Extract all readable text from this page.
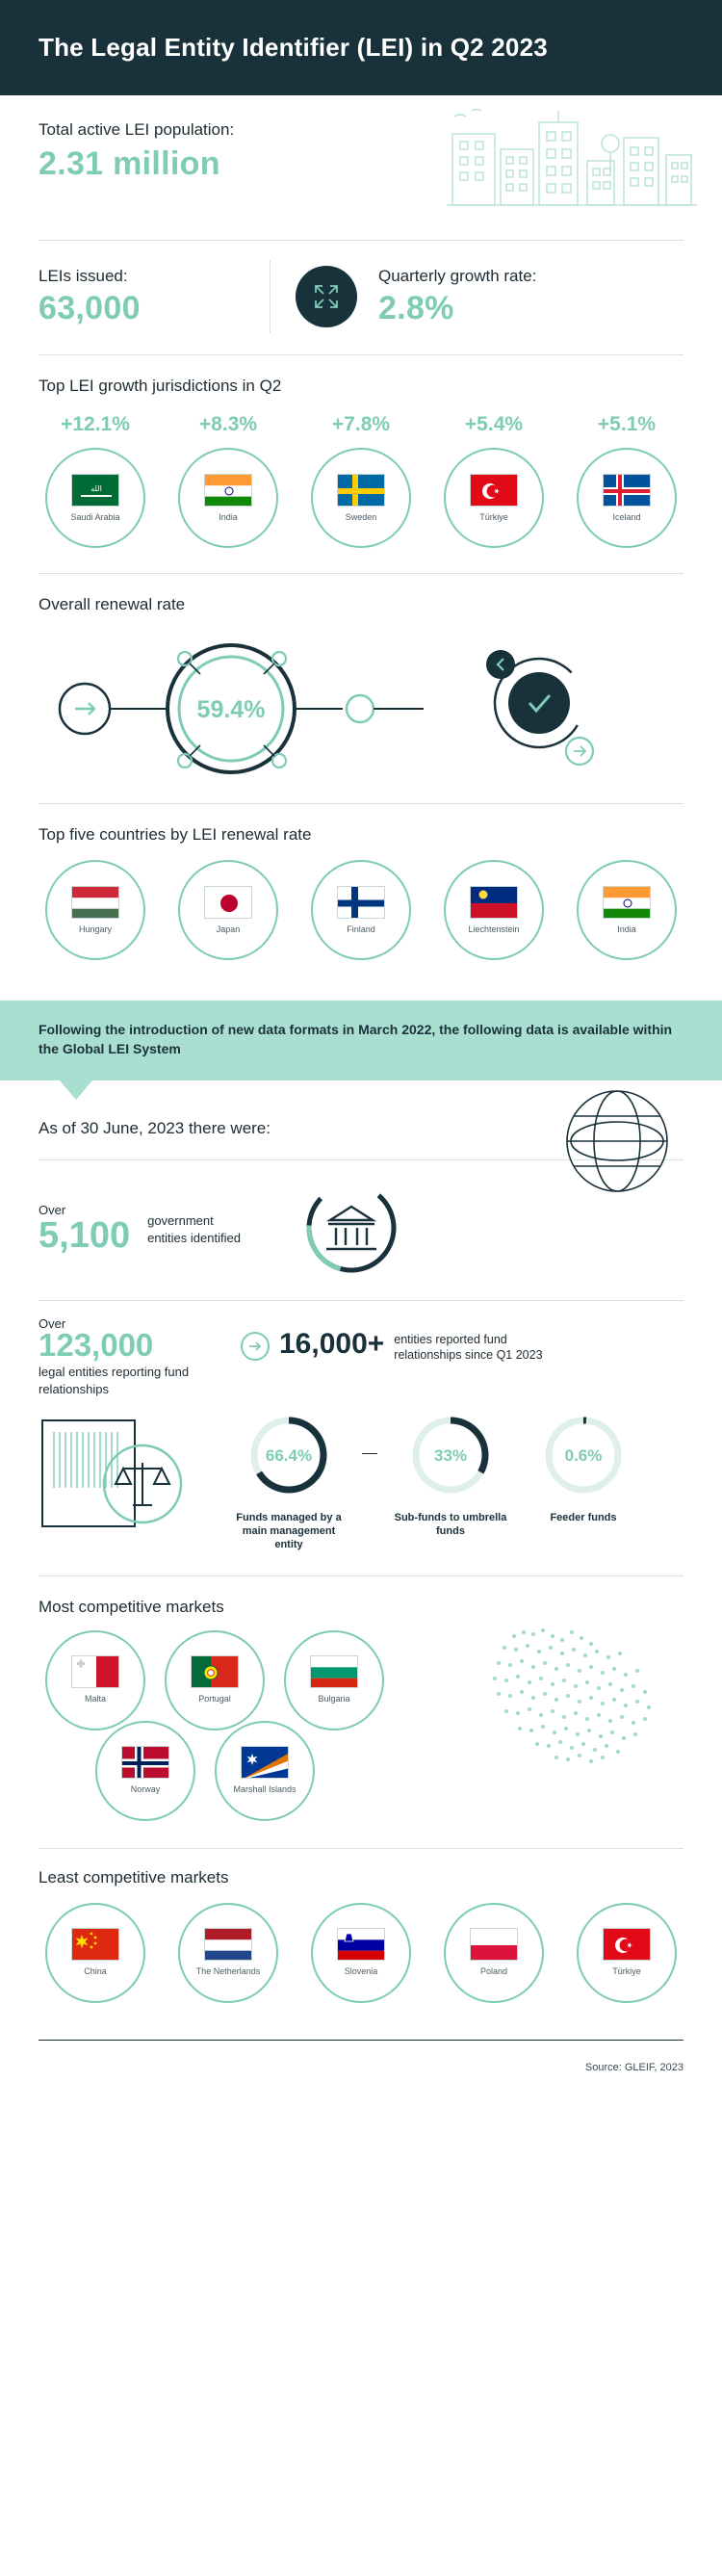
The Legal Entity Identifier (LEI) in Q2 2023
Total active LEI population:
2.31 million
LEIs issued:
63,000
Quarterly growth rate:
2.8%
Top LEI growth jurisdictions in Q2
+12.1%
الله
Saudi Arabia
+8.3%
India
+7.8%
Sweden
+5.4%
Türkiye
+5.1%
Iceland
Overall renewal rate
59.4%
Top five countries by LEI renewal rate
Hungary	Japan	Finland	Liechtenstein	India

Following the introduction of new data formats in March 2022, the following data is available within the Global LEI System

As of 30 June, 2023 there were:
Over
5,100 government entities identified
Over
123,000
legal entities reporting fund relationships
16,000+ entities reported fund relationships since Q1 2023
66.4%
Funds managed by a main management entity
33%
Sub-funds to umbrella funds
0.6%
Feeder funds
Most competitive markets
Malta	Portugal	Bulgaria
Norway	Marshall Islands
Least competitive markets
China	The Netherlands	Slovenia	Poland	Türkiye
Source: GLEIF, 2023
